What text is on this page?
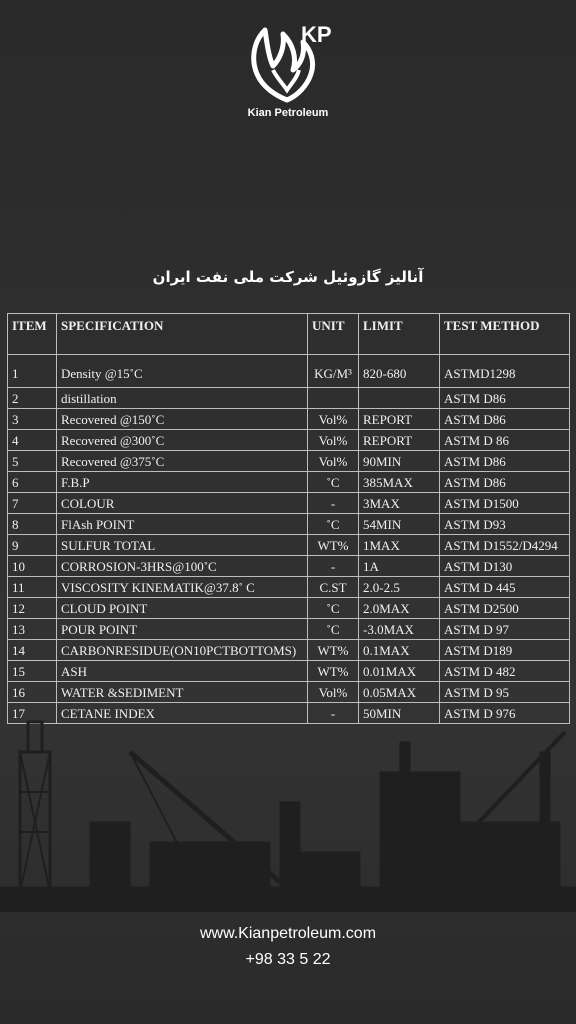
KP
Kian Petroleum
آنالیز گازوئیل شرکت ملی نفت ایران
ITEM	SPECIFICATION	UNIT	LIMIT	TEST METHOD
1	Density @15˚C	KG/M³	820-680	ASTMD1298
2	distillation			ASTM D86
3	Recovered @150˚C	Vol%	REPORT	ASTM D86
4	Recovered @300˚C	Vol%	REPORT	ASTM D 86
5	Recovered @375˚C	Vol%	90MIN	ASTM D86
6	F.B.P	˚C	385MAX	ASTM D86
7	COLOUR	-	3MAX	ASTM D1500
8	FlAsh POINT	˚C	54MIN	ASTM D93
9	SULFUR TOTAL	WT%	1MAX	ASTM D1552/D4294
10	CORROSION-3HRS@100˚C	-	1A	ASTM D130
11	VISCOSITY KINEMATIK@37.8˚ C	C.ST	2.0-2.5	ASTM D 445
12	CLOUD POINT	˚C	2.0MAX	ASTM D2500
13	POUR POINT	˚C	-3.0MAX	ASTM D 97
14	CARBONRESIDUE(ON10PCTBOTTOMS)	WT%	0.1MAX	ASTM D189
15	ASH	WT%	0.01MAX	ASTM D 482
16	WATER &SEDIMENT	Vol%	0.05MAX	ASTM D 95
17	CETANE INDEX	-	50MIN	ASTM D 976
www.Kianpetroleum.com
+98 33 5 22
